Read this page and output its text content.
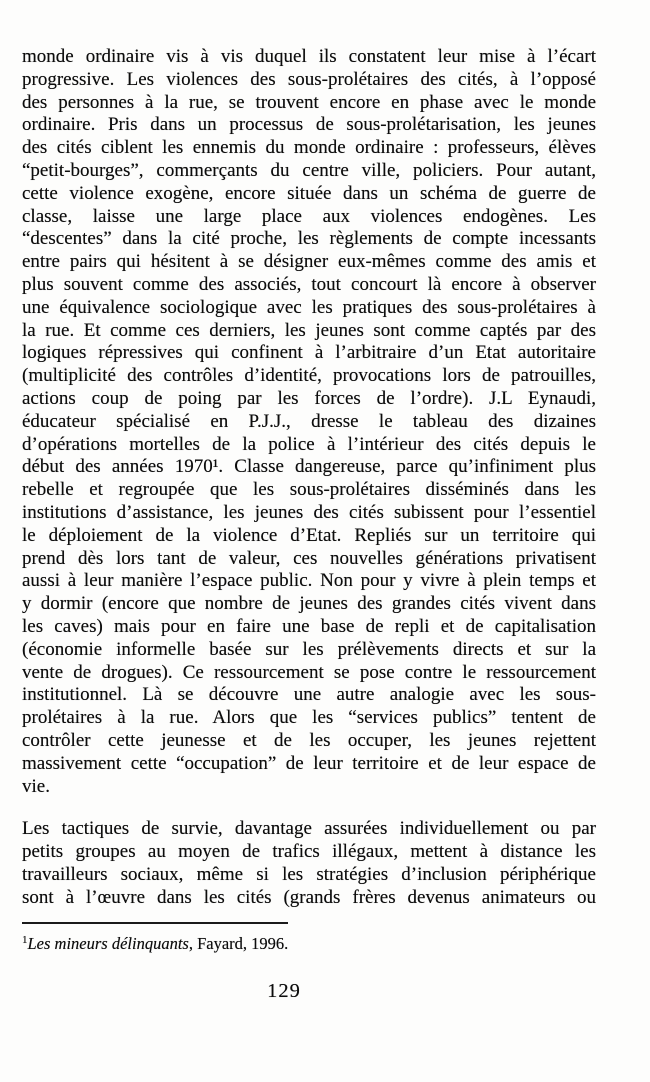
monde ordinaire vis à vis duquel ils constatent leur mise à l’écart
progressive. Les violences des sous-prolétaires des cités, à l’opposé
des personnes à la rue, se trouvent encore en phase avec le monde
ordinaire. Pris dans un processus de sous-prolétarisation, les jeunes
des cités ciblent les ennemis du monde ordinaire : professeurs, élèves
“petit-bourges”, commerçants du centre ville, policiers. Pour autant,
cette violence exogène, encore située dans un schéma de guerre de
classe, laisse une large place aux violences endogènes. Les
“descentes” dans la cité proche, les règlements de compte incessants
entre pairs qui hésitent à se désigner eux-mêmes comme des amis et
plus souvent comme des associés, tout concourt là encore à observer
une équivalence sociologique avec les pratiques des sous-prolétaires à
la rue. Et comme ces derniers, les jeunes sont comme captés par des
logiques répressives qui confinent à l’arbitraire d’un Etat autoritaire
(multiplicité des contrôles d’identité, provocations lors de patrouilles,
actions coup de poing par les forces de l’ordre). J.L Eynaudi,
éducateur spécialisé en P.J.J., dresse le tableau des dizaines
d’opérations mortelles de la police à l’intérieur des cités depuis le
début des années 1970¹. Classe dangereuse, parce qu’infiniment plus
rebelle et regroupée que les sous-prolétaires disséminés dans les
institutions d’assistance, les jeunes des cités subissent pour l’essentiel
le déploiement de la violence d’Etat. Repliés sur un territoire qui
prend dès lors tant de valeur, ces nouvelles générations privatisent
aussi à leur manière l’espace public. Non pour y vivre à plein temps et
y dormir (encore que nombre de jeunes des grandes cités vivent dans
les caves) mais pour en faire une base de repli et de capitalisation
(économie informelle basée sur les prélèvements directs et sur la
vente de drogues). Ce ressourcement se pose contre le ressourcement
institutionnel. Là se découvre une autre analogie avec les sous-
prolétaires à la rue. Alors que les “services publics” tentent de
contrôler cette jeunesse et de les occuper, les jeunes rejettent
massivement cette “occupation” de leur territoire et de leur espace de
vie.
Les tactiques de survie, davantage assurées individuellement ou par
petits groupes au moyen de trafics illégaux, mettent à distance les
travailleurs sociaux, même si les stratégies d’inclusion périphérique
sont à l’œuvre dans les cités (grands frères devenus animateurs ou
$^1$Les mineurs délinquants, Fayard, 1996.
129
